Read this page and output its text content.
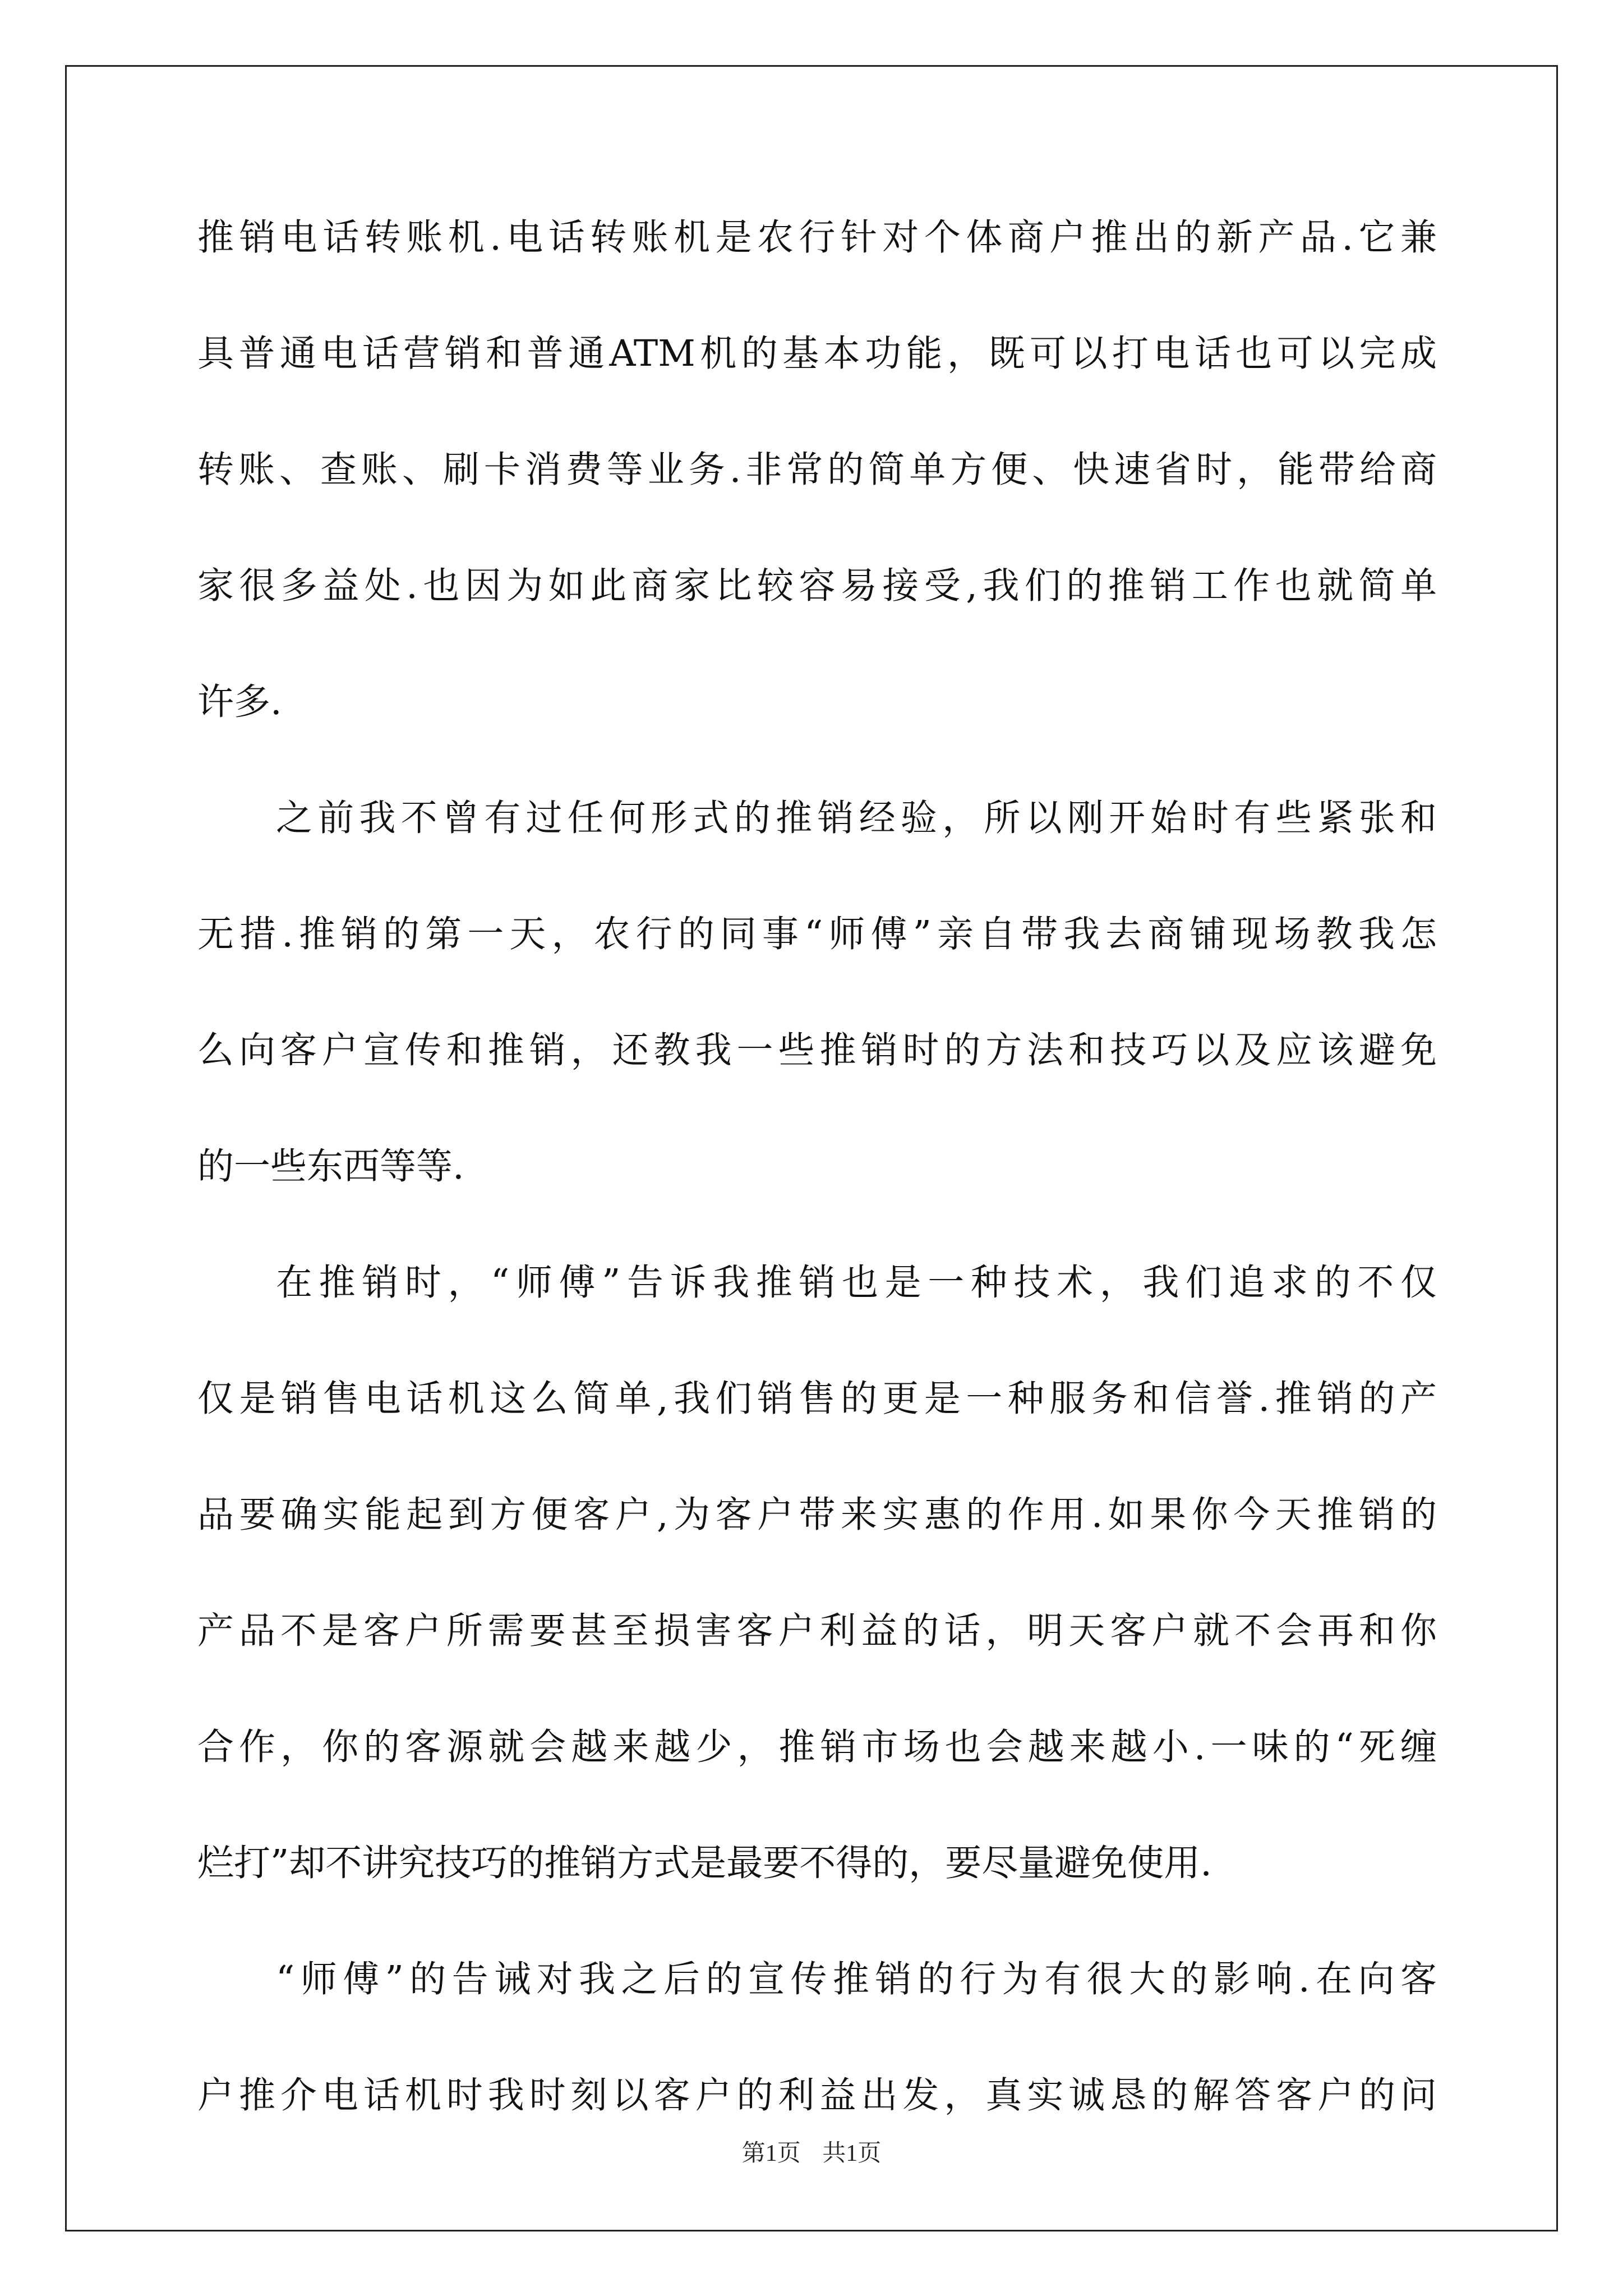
推销电话转账机.电话转账机是农行针对个体商户推出的新产品.它兼
具普通电话营销和普通ATM机的基本功能，既可以打电话也可以完成
转账、查账、刷卡消费等业务.非常的简单方便、快速省时，能带给商
家很多益处.也因为如此商家比较容易接受,我们的推销工作也就简单
许多.
之前我不曾有过任何形式的推销经验，所以刚开始时有些紧张和
无措.推销的第一天，农行的同事“师傅”亲自带我去商铺现场教我怎
么向客户宣传和推销，还教我一些推销时的方法和技巧以及应该避免
的一些东西等等.
在推销时，“师傅”告诉我推销也是一种技术，我们追求的不仅
仅是销售电话机这么简单,我们销售的更是一种服务和信誉.推销的产
品要确实能起到方便客户,为客户带来实惠的作用.如果你今天推销的
产品不是客户所需要甚至损害客户利益的话，明天客户就不会再和你
合作，你的客源就会越来越少，推销市场也会越来越小.一味的“死缠
烂打”却不讲究技巧的推销方式是最要不得的，要尽量避免使用.
“师傅”的告诫对我之后的宣传推销的行为有很大的影响.在向客
户推介电话机时我时刻以客户的利益出发，真实诚恳的解答客户的问
第1页 共1页
